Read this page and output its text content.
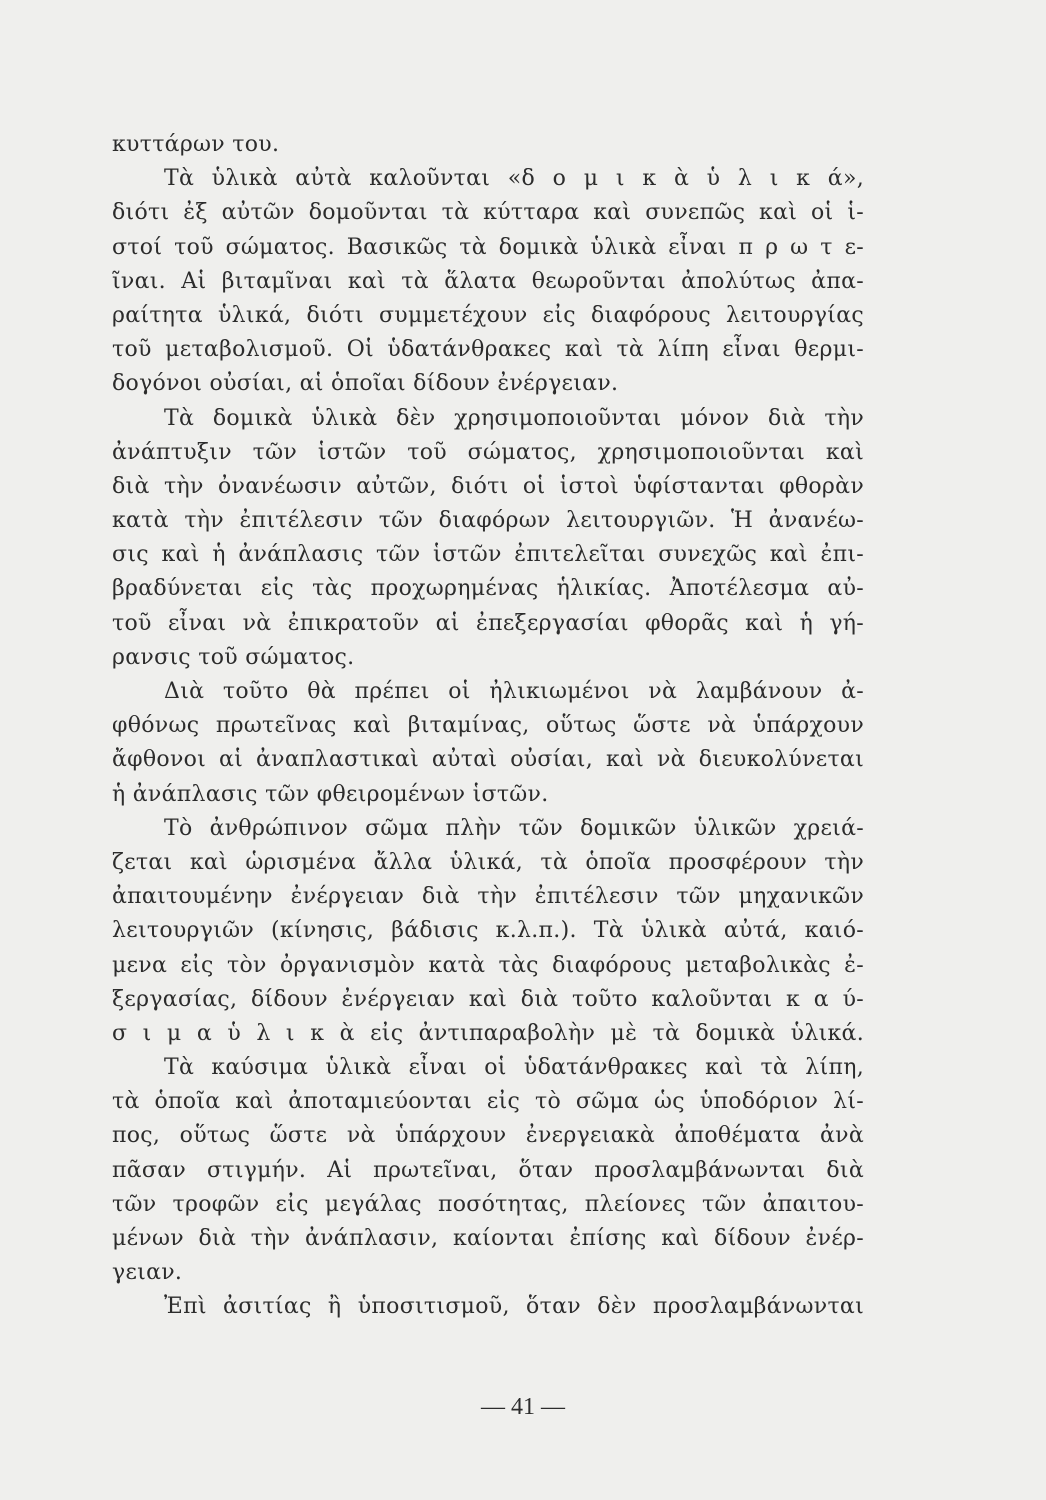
κυττάρων του.
Τὰ ὑλικὰ αὐτὰ καλοῦνται «δ ο μ ι κ ὰ ὑ λ ι κ ά»,
διότι ἐξ αὐτῶν δομοῦνται τὰ κύτταρα καὶ συνεπῶς καὶ οἱ ἱ-
στοί τοῦ σώματος. Βασικῶς τὰ δομικὰ ὑλικὰ εἶναι π ρ ω τ ε-
ῖναι. Αἱ βιταμῖναι καὶ τὰ ἅλατα θεωροῦνται ἀπολύτως ἀπα-
ραίτητα ὑλικά, διότι συμμετέχουν εἰς διαφόρους λειτουργίας
τοῦ μεταβολισμοῦ. Οἱ ὑδατάνθρακες καὶ τὰ λίπη εἶναι θερμι-
δογόνοι οὐσίαι, αἱ ὁποῖαι δίδουν ἐνέργειαν.
Τὰ δομικὰ ὑλικὰ δὲν χρησιμοποιοῦνται μόνον διὰ τὴν
ἀνάπτυξιν τῶν ἱστῶν τοῦ σώματος, χρησιμοποιοῦνται καὶ
διὰ τὴν ὀνανέωσιν αὐτῶν, διότι οἱ ἱστοὶ ὑφίστανται φθορὰν
κατὰ τὴν ἐπιτέλεσιν τῶν διαφόρων λειτουργιῶν. Ἡ ἀνανέω-
σις καὶ ἡ ἀνάπλασις τῶν ἱστῶν ἐπιτελεῖται συνεχῶς καὶ ἐπι-
βραδύνεται εἰς τὰς προχωρημένας ἡλικίας. Ἀποτέλεσμα αὐ-
τοῦ εἶναι νὰ ἐπικρατοῦν αἱ ἐπεξεργασίαι φθορᾶς καὶ ἡ γή-
ρανσις τοῦ σώματος.
Διὰ τοῦτο θὰ πρέπει οἱ ἠλικιωμένοι νὰ λαμβάνουν ἀ-
φθόνως πρωτεῖνας καὶ βιταμίνας, οὕτως ὥστε νὰ ὑπάρχουν
ἄφθονοι αἱ ἀναπλαστικαὶ αὐταὶ οὐσίαι, καὶ νὰ διευκολύνεται
ἡ ἀνάπλασις τῶν φθειρομένων ἱστῶν.
Τὸ ἀνθρώπινον σῶμα πλὴν τῶν δομικῶν ὑλικῶν χρειά-
ζεται καὶ ὡρισμένα ἄλλα ὑλικά, τὰ ὁποῖα προσφέρουν τὴν
ἀπαιτουμένην ἐνέργειαν διὰ τὴν ἐπιτέλεσιν τῶν μηχανικῶν
λειτουργιῶν (κίνησις, βάδισις κ.λ.π.). Τὰ ὑλικὰ αὐτά, καιό-
μενα εἰς τὸν ὀργανισμὸν κατὰ τὰς διαφόρους μεταβολικὰς ἐ-
ξεργασίας, δίδουν ἐνέργειαν καὶ διὰ τοῦτο καλοῦνται κ α ύ-
σ ι μ α ὑ λ ι κ ὰ εἰς ἀντιπαραβολὴν μὲ τὰ δομικὰ ὑλικά.
Τὰ καύσιμα ὑλικὰ εἶναι οἱ ὑδατάνθρακες καὶ τὰ λίπη,
τὰ ὁποῖα καὶ ἀποταμιεύονται εἰς τὸ σῶμα ὡς ὑποδόριον λί-
πος, οὕτως ὥστε νὰ ὑπάρχουν ἐνεργειακὰ ἀποθέματα ἀνὰ
πᾶσαν στιγμήν. Αἱ πρωτεῖναι, ὅταν προσλαμβάνωνται διὰ
τῶν τροφῶν εἰς μεγάλας ποσότητας, πλείονες τῶν ἀπαιτου-
μένων διὰ τὴν ἀνάπλασιν, καίονται ἐπίσης καὶ δίδουν ἐνέρ-
γειαν.
Ἐπὶ ἀσιτίας ἢ ὑποσιτισμοῦ, ὅταν δὲν προσλαμβάνωνται
— 41 —
